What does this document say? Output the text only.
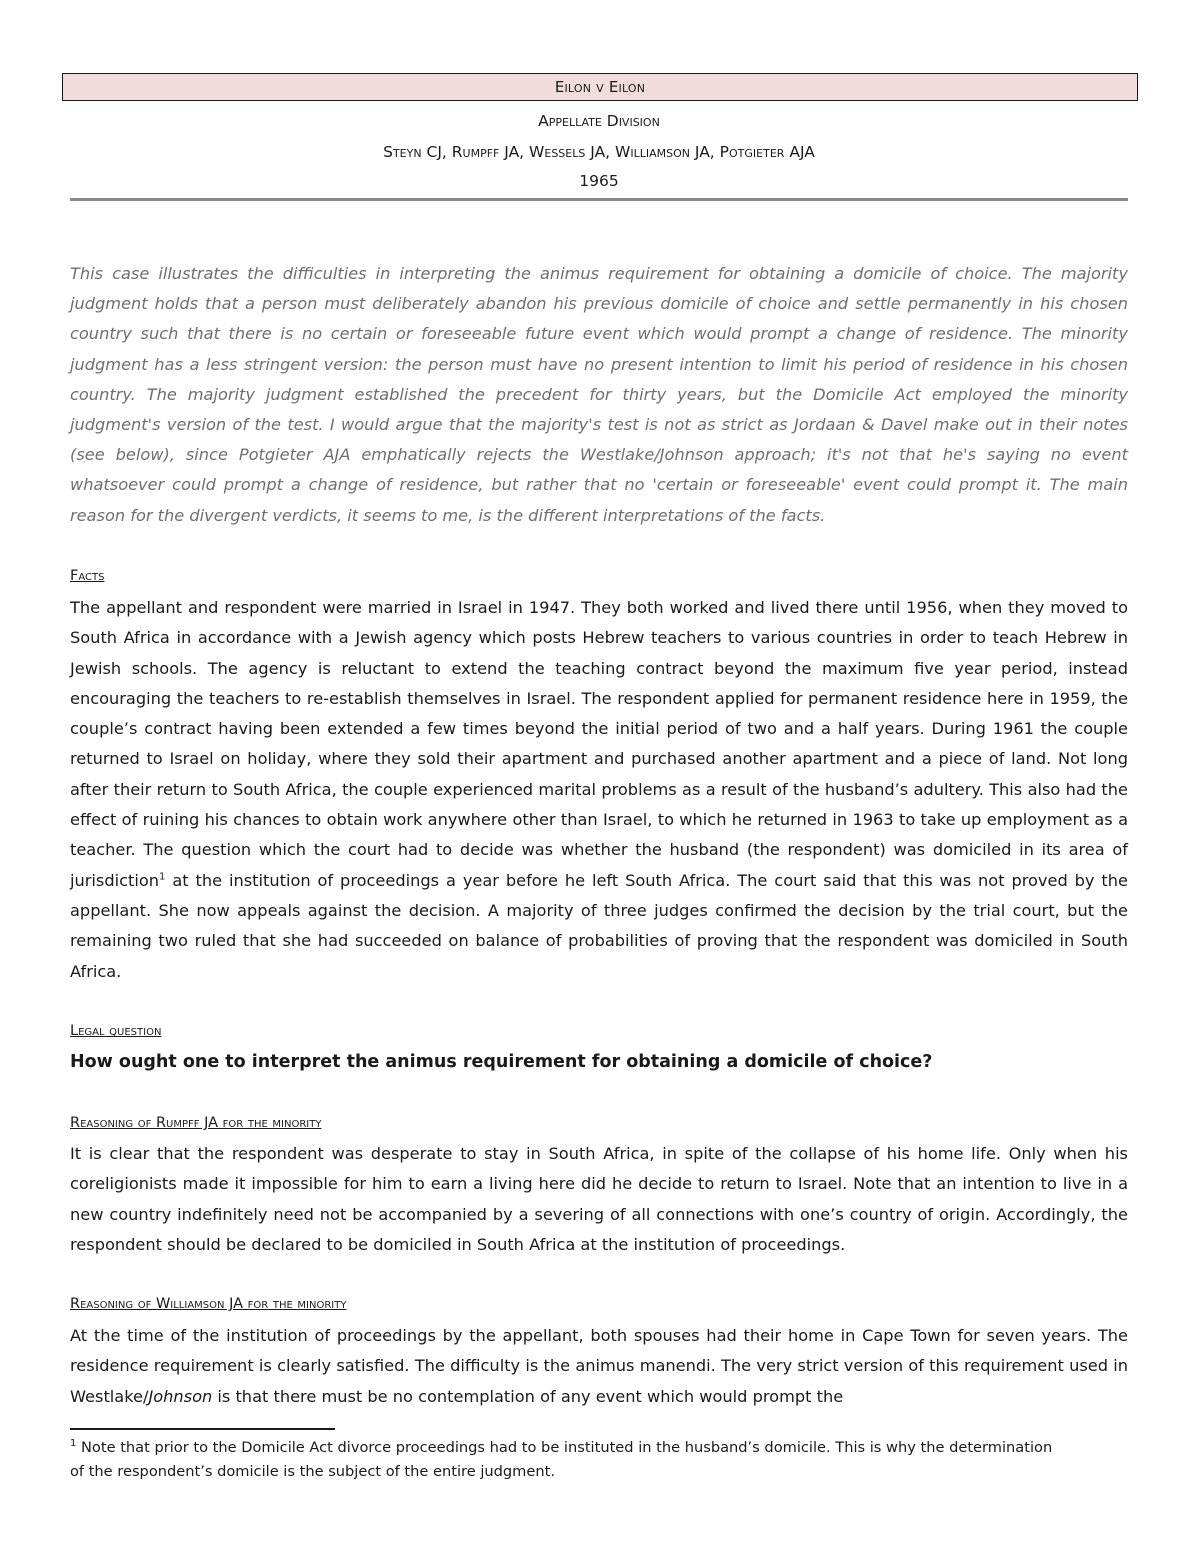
Eilon v Eilon
Appellate Division
Steyn CJ, Rumpff JA, Wessels JA, Williamson JA, Potgieter AJA
1965

This case illustrates the difficulties in interpreting the animus requirement for obtaining a domicile of choice. The majority judgment holds that a person must deliberately abandon his previous domicile of choice and settle permanently in his chosen country such that there is no certain or foreseeable future event which would prompt a change of residence. The minority judgment has a less stringent version: the person must have no present intention to limit his period of residence in his chosen country. The majority judgment established the precedent for thirty years, but the Domicile Act employed the minority judgment's version of the test. I would argue that the majority's test is not as strict as Jordaan & Davel make out in their notes (see below), since Potgieter AJA emphatically rejects the Westlake/Johnson approach; it's not that he's saying no event whatsoever could prompt a change of residence, but rather that no 'certain or foreseeable' event could prompt it. The main reason for the divergent verdicts, it seems to me, is the different interpretations of the facts.

Facts

The appellant and respondent were married in Israel in 1947. They both worked and lived there until 1956, when they moved to South Africa in accordance with a Jewish agency which posts Hebrew teachers to various countries in order to teach Hebrew in Jewish schools. The agency is reluctant to extend the teaching contract beyond the maximum five year period, instead encouraging the teachers to re-establish themselves in Israel. The respondent applied for permanent residence here in 1959, the couple’s contract having been extended a few times beyond the initial period of two and a half years. During 1961 the couple returned to Israel on holiday, where they sold their apartment and purchased another apartment and a piece of land. Not long after their return to South Africa, the couple experienced marital problems as a result of the husband’s adultery. This also had the effect of ruining his chances to obtain work anywhere other than Israel, to which he returned in 1963 to take up employment as a teacher. The question which the court had to decide was whether the husband (the respondent) was domiciled in its area of jurisdiction$^1$ at the institution of proceedings a year before he left South Africa. The court said that this was not proved by the appellant. She now appeals against the decision. A majority of three judges confirmed the decision by the trial court, but the remaining two ruled that she had succeeded on balance of probabilities of proving that the respondent was domiciled in South Africa.

Legal question

How ought one to interpret the animus requirement for obtaining a domicile of choice?

Reasoning of Rumpff JA for the minority

It is clear that the respondent was desperate to stay in South Africa, in spite of the collapse of his home life. Only when his coreligionists made it impossible for him to earn a living here did he decide to return to Israel. Note that an intention to live in a new country indefinitely need not be accompanied by a severing of all connections with one’s country of origin. Accordingly, the respondent should be declared to be domiciled in South Africa at the institution of proceedings.

Reasoning of Williamson JA for the minority

At the time of the institution of proceedings by the appellant, both spouses had their home in Cape Town for seven years. The residence requirement is clearly satisfied. The difficulty is the animus manendi. The very strict version of this requirement used in Westlake/Johnson is that there must be no contemplation of any event which would prompt the

$^1$ Note that prior to the Domicile Act divorce proceedings had to be instituted in the husband’s domicile. This is why the determination of the respondent’s domicile is the subject of the entire judgment.
